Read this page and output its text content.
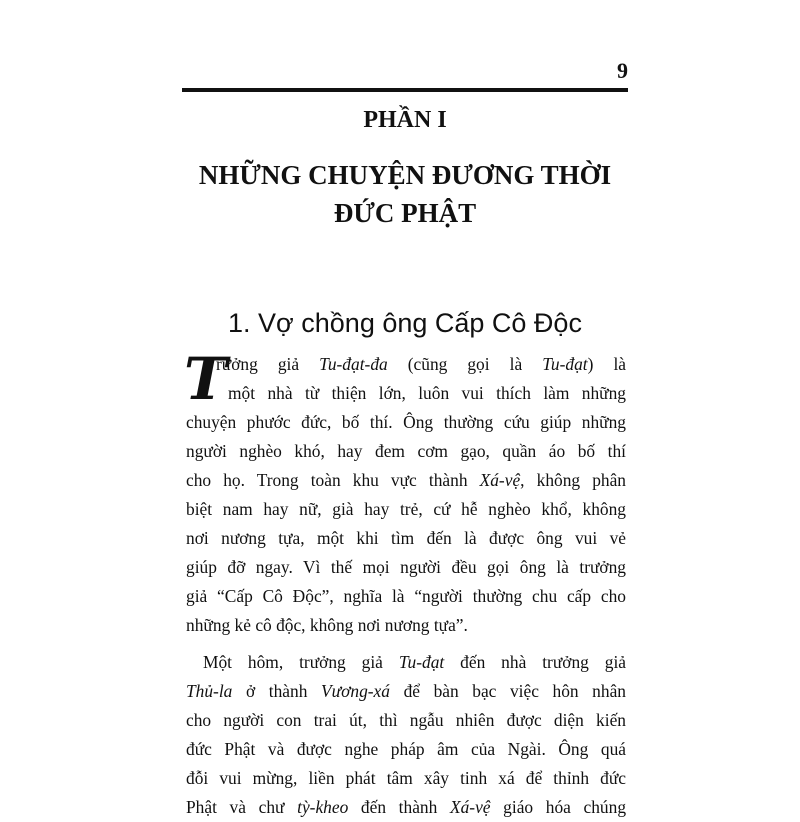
9
PHẦN I
NHỮNG CHUYỆN ĐƯƠNG THỜI
ĐỨC PHẬT
1. Vợ chồng ông Cấp Cô Độc
T
rưởng giả Tu-đạt-đa (cũng gọi là Tu-đạt) là
một nhà từ thiện lớn, luôn vui thích làm những
chuyện phước đức, bố thí. Ông thường cứu giúp những
người nghèo khó, hay đem cơm gạo, quần áo bố thí
cho họ. Trong toàn khu vực thành Xá-vệ, không phân
biệt nam hay nữ, già hay trẻ, cứ hễ nghèo khổ, không
nơi nương tựa, một khi tìm đến là được ông vui vẻ
giúp đỡ ngay. Vì thế mọi người đều gọi ông là trưởng
giả “Cấp Cô Độc”, nghĩa là “người thường chu cấp cho
những kẻ cô độc, không nơi nương tựa”.
Một hôm, trưởng giả Tu-đạt đến nhà trưởng giả
Thủ-la ở thành Vương-xá để bàn bạc việc hôn nhân
cho người con trai út, thì ngẫu nhiên được diện kiến
đức Phật và được nghe pháp âm của Ngài. Ông quá
đỗi vui mừng, liền phát tâm xây tinh xá để thỉnh đức
Phật và chư tỳ-kheo đến thành Xá-vệ giáo hóa chúng
